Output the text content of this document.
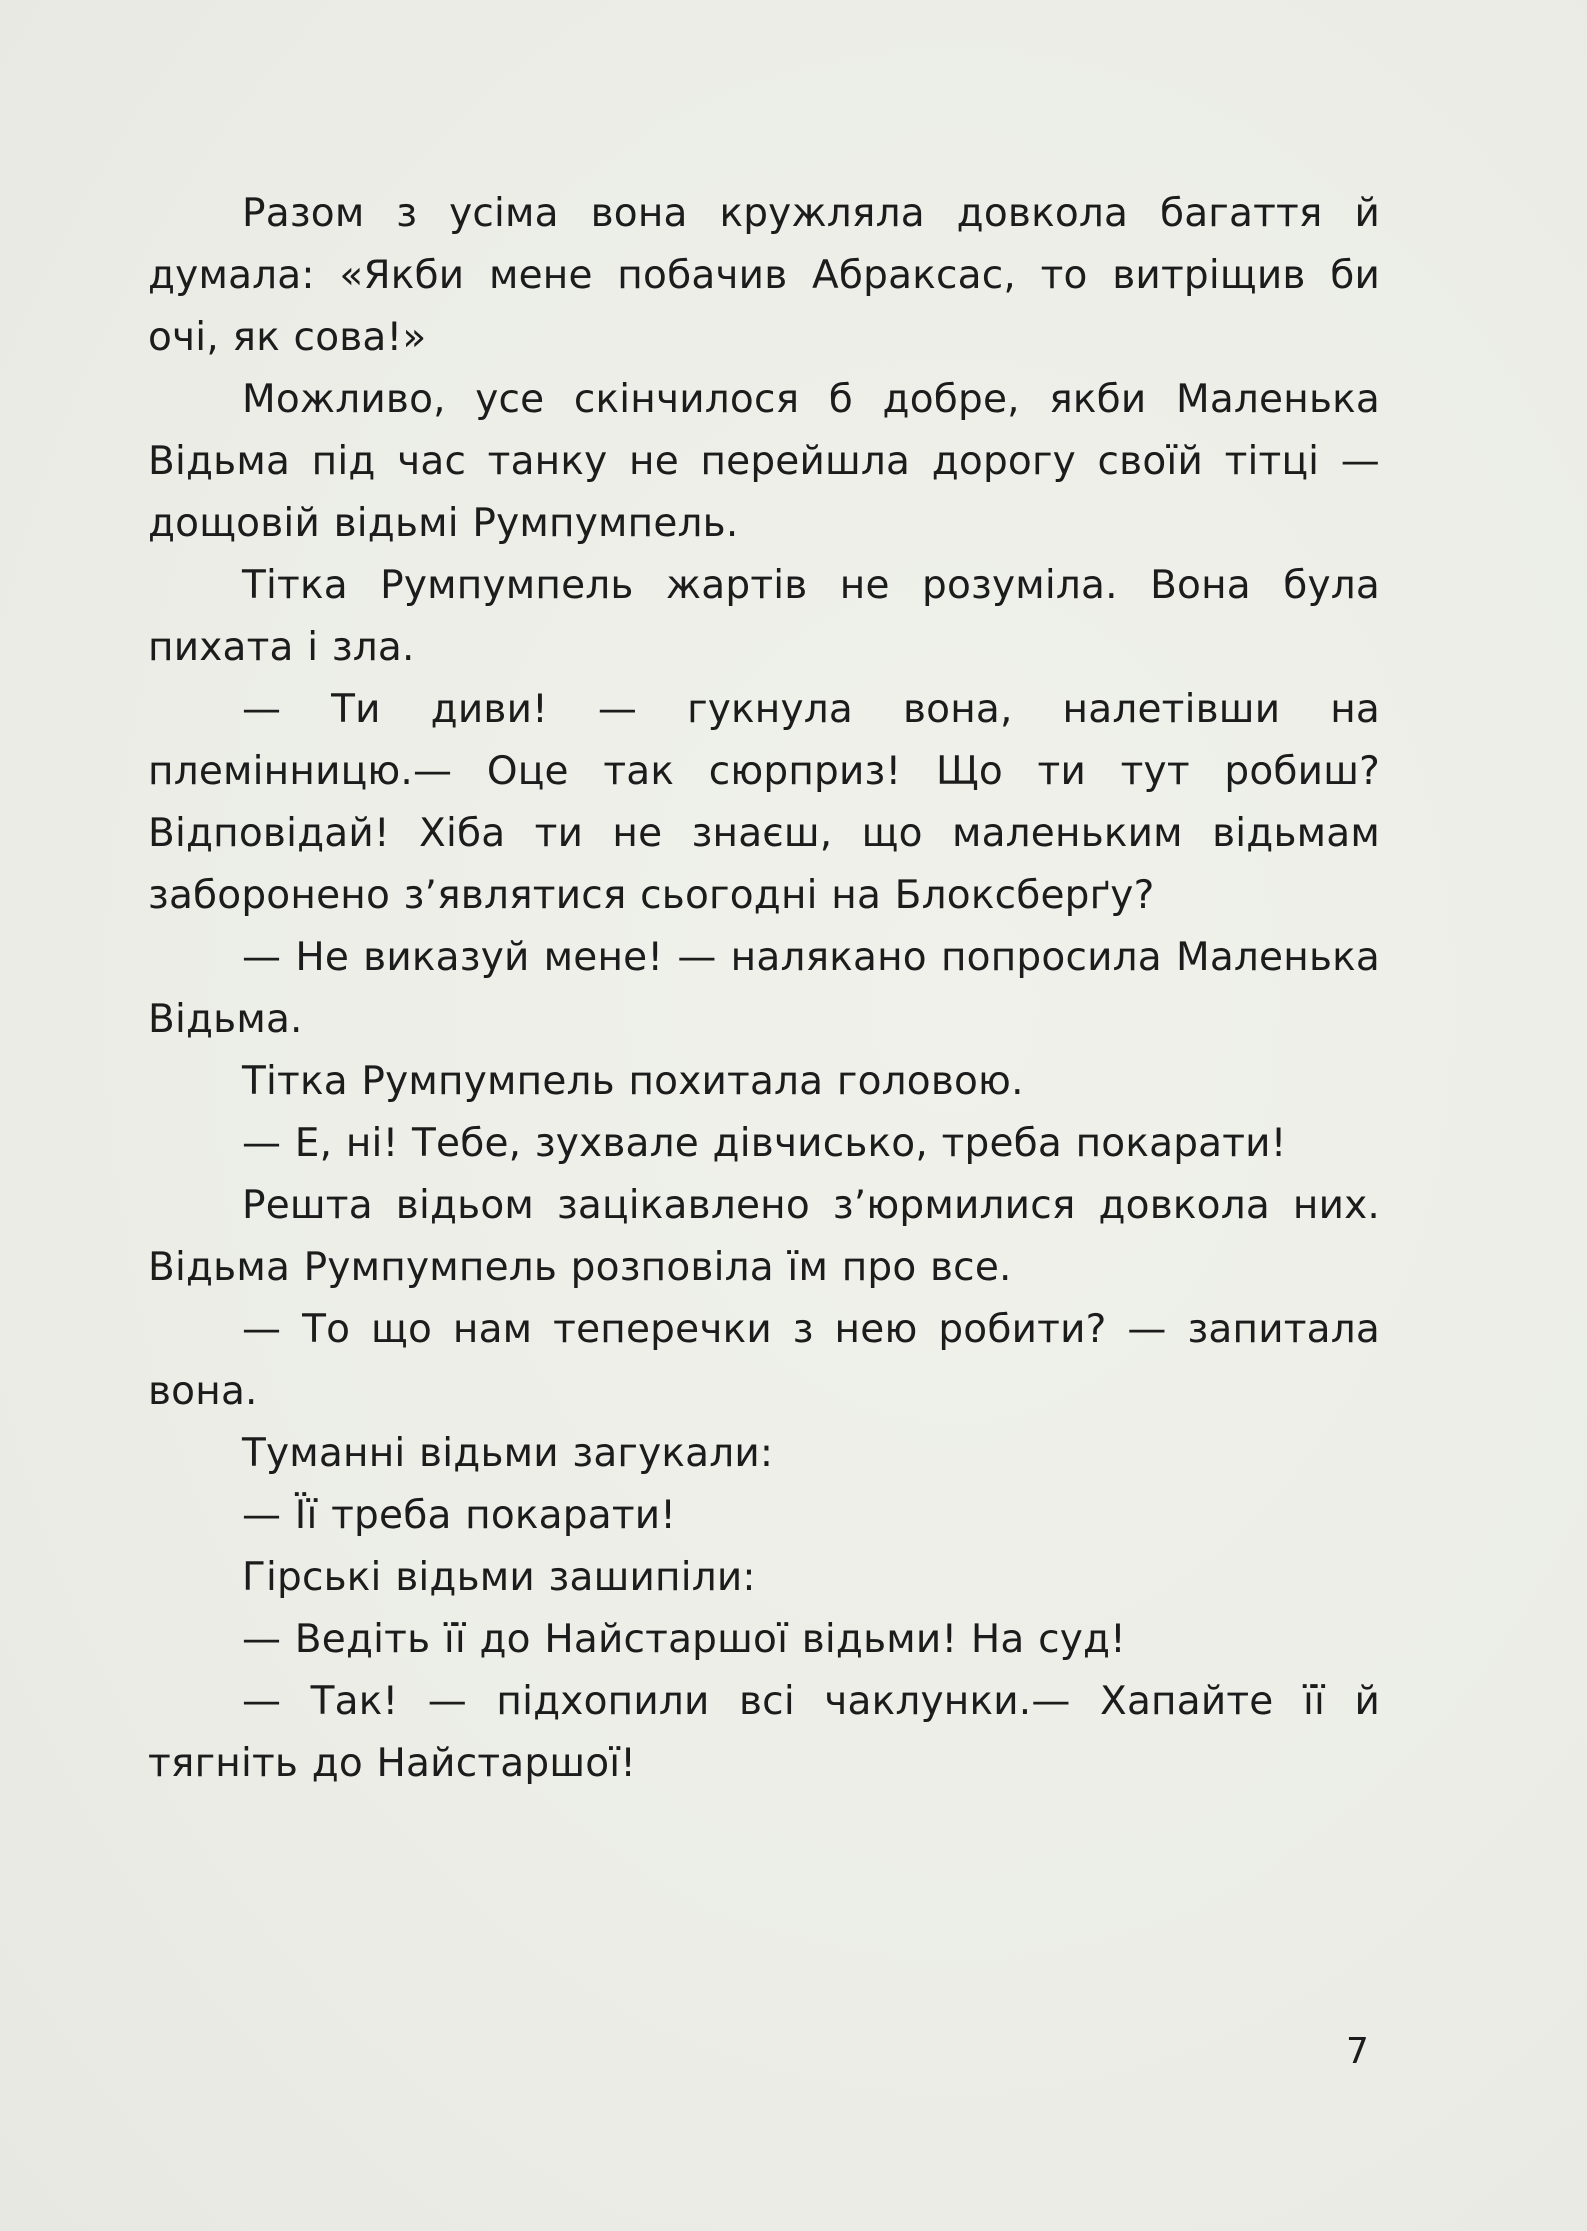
Разом з усіма вона кружляла довкола багаття й думала: «Якби мене побачив Абраксас, то витріщив би очі, як сова!»

Можливо, усе скінчилося б добре, якби Маленька Відьма під час танку не перейшла дорогу своїй тітці — дощовій відьмі Румпумпель.

Тітка Румпумпель жартів не розуміла. Вона була пихата і зла.

— Ти диви! — гукнула вона, налетівши на племінницю.— Оце так сюрприз! Що ти тут робиш? Відповідай! Хіба ти не знаєш, що маленьким відьмам заборонено з’являтися сьогодні на Блоксберґу?

— Не виказуй мене! — налякано попросила Маленька Відьма.

Тітка Румпумпель похитала головою.

— Е, ні! Тебе, зухвале дівчисько, треба покарати!

Решта відьом зацікавлено з’юрмилися довкола них. Відьма Румпумпель розповіла їм про все.

— То що нам теперечки з нею робити? — запитала вона.

Туманні відьми загукали:

— Її треба покарати!

Гірські відьми зашипіли:

— Ведіть її до Найстаршої відьми! На суд!

— Так! — підхопили всі чаклунки.— Хапайте її й тягніть до Найстаршої!

7
